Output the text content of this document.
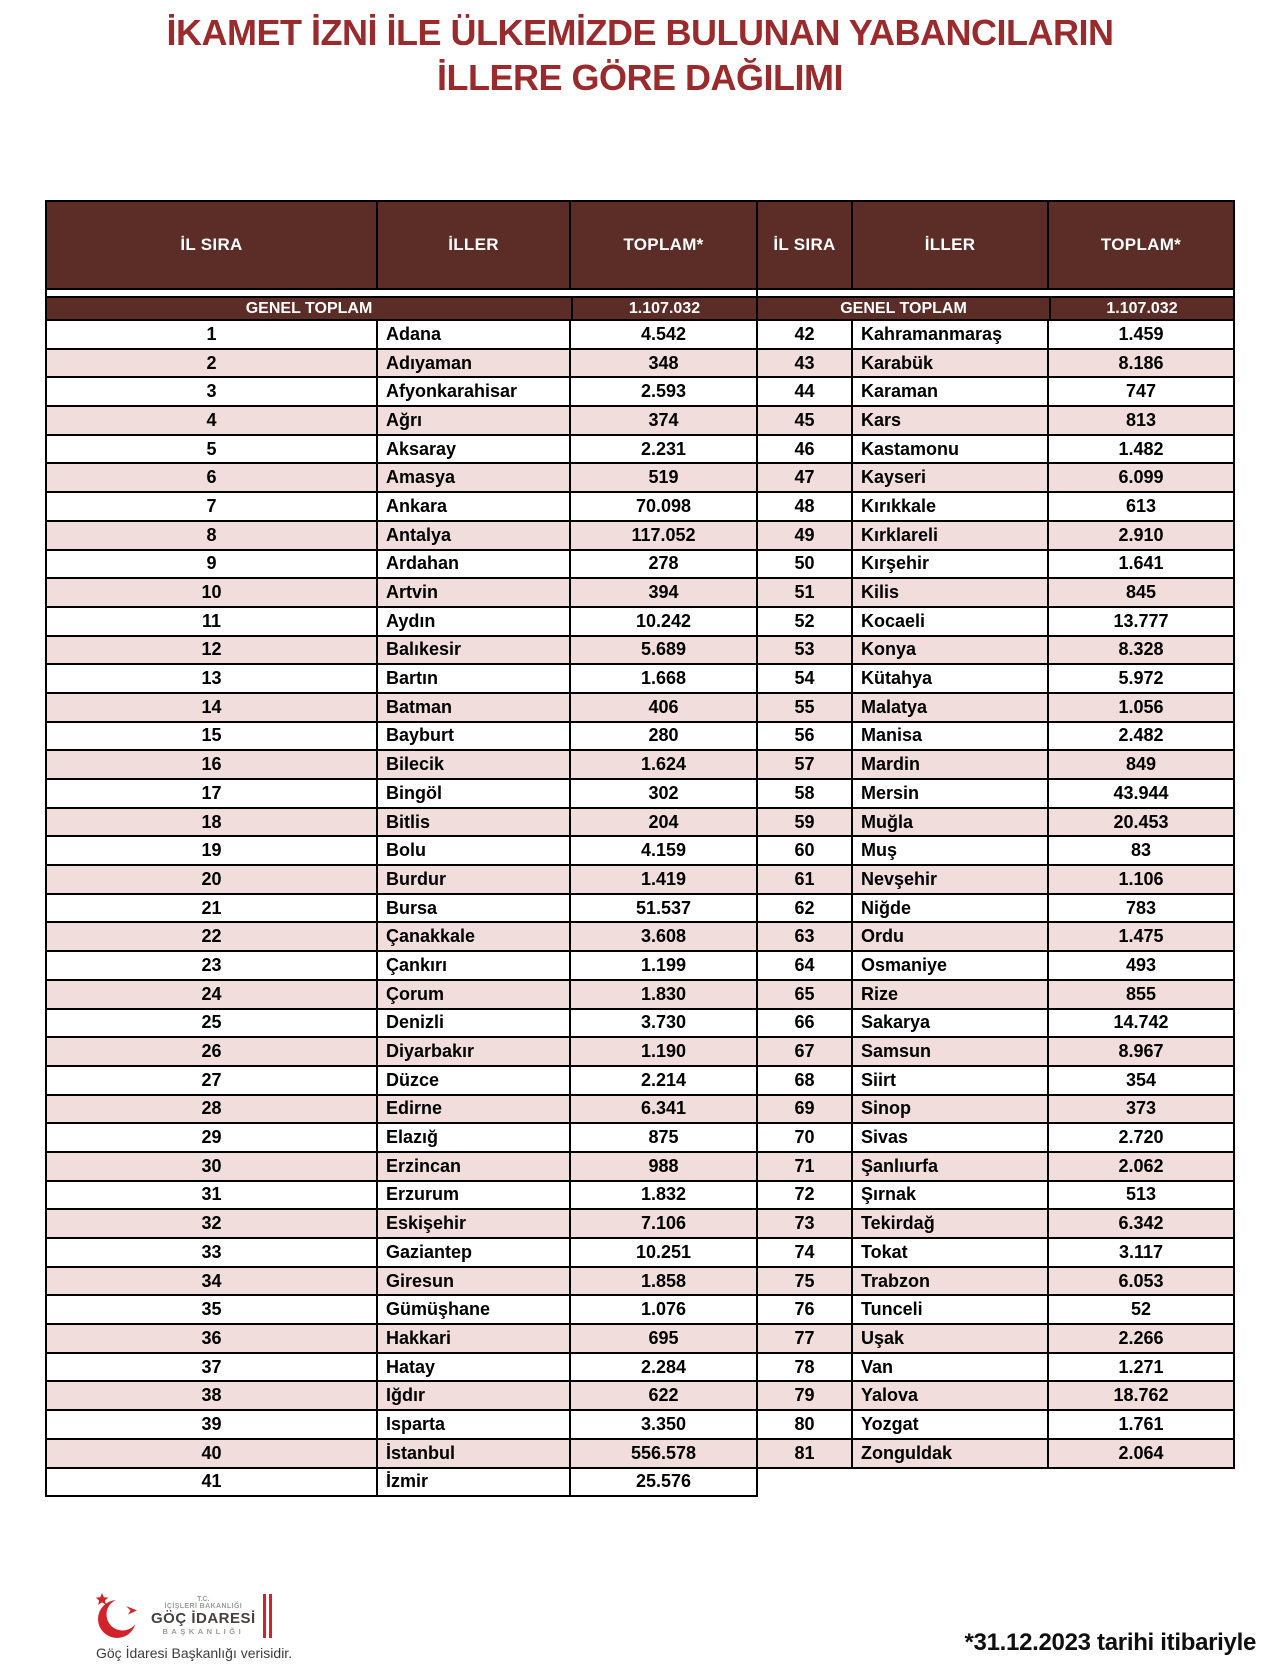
İKAMET İZNİ İLE ÜLKEMİZDE BULUNAN YABANCILARIN
İLLERE GÖRE DAĞILIMI
İL SIRA	İLLER	TOPLAM*
GENEL TOPLAM	1.107.032
1	Adana	4.542
2	Adıyaman	348
3	Afyonkarahisar	2.593
4	Ağrı	374
5	Aksaray	2.231
6	Amasya	519
7	Ankara	70.098
8	Antalya	117.052
9	Ardahan	278
10	Artvin	394
11	Aydın	10.242
12	Balıkesir	5.689
13	Bartın	1.668
14	Batman	406
15	Bayburt	280
16	Bilecik	1.624
17	Bingöl	302
18	Bitlis	204
19	Bolu	4.159
20	Burdur	1.419
21	Bursa	51.537
22	Çanakkale	3.608
23	Çankırı	1.199
24	Çorum	1.830
25	Denizli	3.730
26	Diyarbakır	1.190
27	Düzce	2.214
28	Edirne	6.341
29	Elazığ	875
30	Erzincan	988
31	Erzurum	1.832
32	Eskişehir	7.106
33	Gaziantep	10.251
34	Giresun	1.858
35	Gümüşhane	1.076
36	Hakkari	695
37	Hatay	2.284
38	Iğdır	622
39	Isparta	3.350
40	İstanbul	556.578
41	İzmir	25.576
İL SIRA	İLLER	TOPLAM*
GENEL TOPLAM	1.107.032
42	Kahramanmaraş	1.459
43	Karabük	8.186
44	Karaman	747
45	Kars	813
46	Kastamonu	1.482
47	Kayseri	6.099
48	Kırıkkale	613
49	Kırklareli	2.910
50	Kırşehir	1.641
51	Kilis	845
52	Kocaeli	13.777
53	Konya	8.328
54	Kütahya	5.972
55	Malatya	1.056
56	Manisa	2.482
57	Mardin	849
58	Mersin	43.944
59	Muğla	20.453
60	Muş	83
61	Nevşehir	1.106
62	Niğde	783
63	Ordu	1.475
64	Osmaniye	493
65	Rize	855
66	Sakarya	14.742
67	Samsun	8.967
68	Siirt	354
69	Sinop	373
70	Sivas	2.720
71	Şanlıurfa	2.062
72	Şırnak	513
73	Tekirdağ	6.342
74	Tokat	3.117
75	Trabzon	6.053
76	Tunceli	52
77	Uşak	2.266
78	Van	1.271
79	Yalova	18.762
80	Yozgat	1.761
81	Zonguldak	2.064
T.C.
İÇİŞLERİ BAKANLIĞI
GÖÇ İDARESİ
BAŞKANLIĞI
Göç İdaresi Başkanlığı verisidir.	*31.12.2023 tarihi itibariyle
